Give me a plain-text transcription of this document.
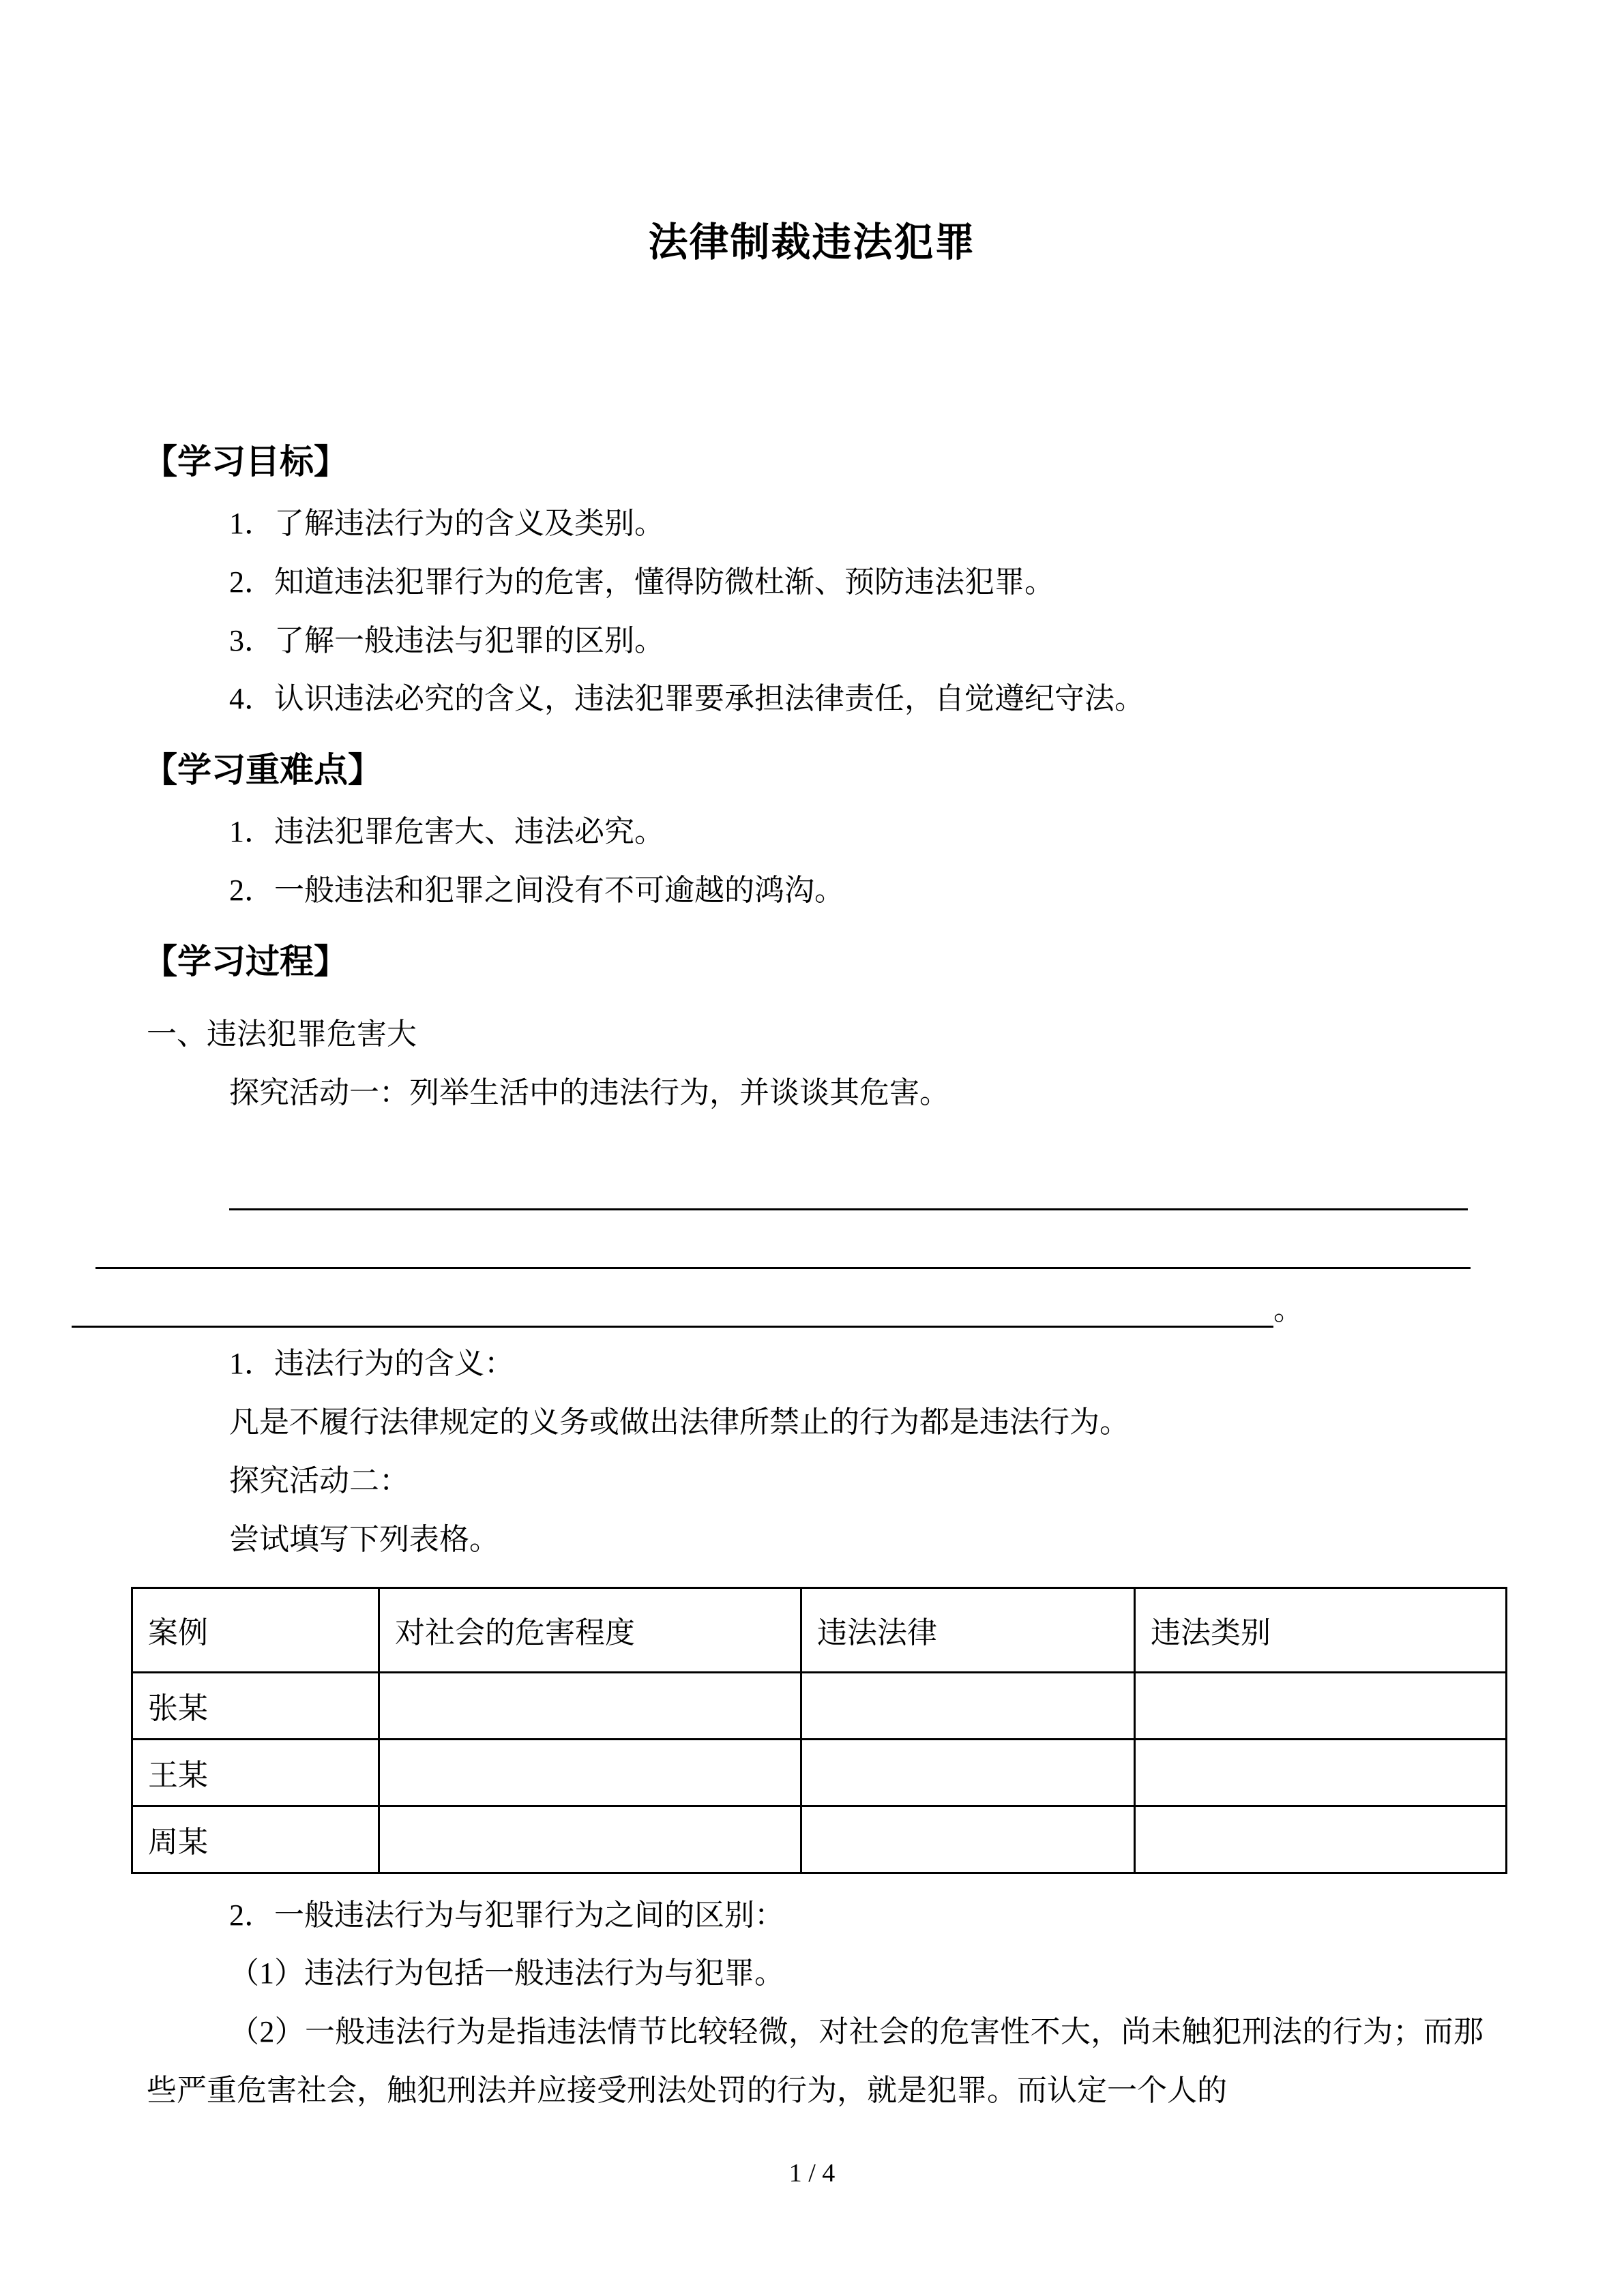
法律制裁违法犯罪
【学习目标】

1．了解违法行为的含义及类别。

2．知道违法犯罪行为的危害，懂得防微杜渐、预防违法犯罪。

3．了解一般违法与犯罪的区别。

4．认识违法必究的含义，违法犯罪要承担法律责任，自觉遵纪守法。

【学习重难点】

1．违法犯罪危害大、违法必究。

2．一般违法和犯罪之间没有不可逾越的鸿沟。

【学习过程】

一、违法犯罪危害大

探究活动一：列举生活中的违法行为，并谈谈其危害。

。

1．违法行为的含义：

凡是不履行法律规定的义务或做出法律所禁止的行为都是违法行为。

探究活动二：

尝试填写下列表格。

案例	对社会的危害程度	违法法律	违法类别
张某			
王某			
周某			

2．一般违法行为与犯罪行为之间的区别：

（1）违法行为包括一般违法行为与犯罪。

（2）一般违法行为是指违法情节比较轻微，对社会的危害性不大，尚未触犯刑法的行为；而那些严重危害社会，触犯刑法并应接受刑法处罚的行为，就是犯罪。而认定一个人的

1 / 4
